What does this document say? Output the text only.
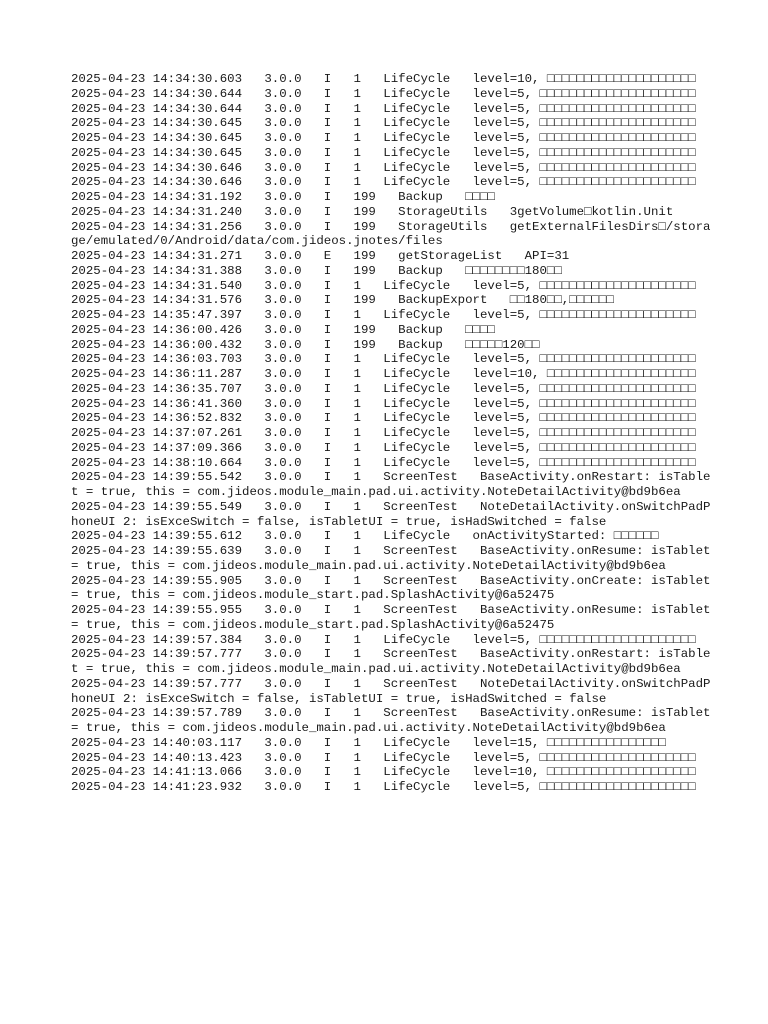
2025-04-23 14:34:30.603   3.0.0   I   1   LifeCycle   level=10, □□□□□□□□□□□□□□□□□□□□
2025-04-23 14:34:30.644   3.0.0   I   1   LifeCycle   level=5, □□□□□□□□□□□□□□□□□□□□□
2025-04-23 14:34:30.644   3.0.0   I   1   LifeCycle   level=5, □□□□□□□□□□□□□□□□□□□□□
2025-04-23 14:34:30.645   3.0.0   I   1   LifeCycle   level=5, □□□□□□□□□□□□□□□□□□□□□
2025-04-23 14:34:30.645   3.0.0   I   1   LifeCycle   level=5, □□□□□□□□□□□□□□□□□□□□□
2025-04-23 14:34:30.645   3.0.0   I   1   LifeCycle   level=5, □□□□□□□□□□□□□□□□□□□□□
2025-04-23 14:34:30.646   3.0.0   I   1   LifeCycle   level=5, □□□□□□□□□□□□□□□□□□□□□
2025-04-23 14:34:30.646   3.0.0   I   1   LifeCycle   level=5, □□□□□□□□□□□□□□□□□□□□□
2025-04-23 14:34:31.192   3.0.0   I   199   Backup   □□□□
2025-04-23 14:34:31.240   3.0.0   I   199   StorageUtils   3getVolume□kotlin.Unit
2025-04-23 14:34:31.256   3.0.0   I   199   StorageUtils   getExternalFilesDirs□/storage/emulated/0/Android/data/com.jideos.jnotes/files
2025-04-23 14:34:31.271   3.0.0   E   199   getStorageList   API=31
2025-04-23 14:34:31.388   3.0.0   I   199   Backup   □□□□□□□□180□□
2025-04-23 14:34:31.540   3.0.0   I   1   LifeCycle   level=5, □□□□□□□□□□□□□□□□□□□□□
2025-04-23 14:34:31.576   3.0.0   I   199   BackupExport   □□180□□,□□□□□□
2025-04-23 14:35:47.397   3.0.0   I   1   LifeCycle   level=5, □□□□□□□□□□□□□□□□□□□□□
2025-04-23 14:36:00.426   3.0.0   I   199   Backup   □□□□
2025-04-23 14:36:00.432   3.0.0   I   199   Backup   □□□□□120□□
2025-04-23 14:36:03.703   3.0.0   I   1   LifeCycle   level=5, □□□□□□□□□□□□□□□□□□□□□
2025-04-23 14:36:11.287   3.0.0   I   1   LifeCycle   level=10, □□□□□□□□□□□□□□□□□□□□
2025-04-23 14:36:35.707   3.0.0   I   1   LifeCycle   level=5, □□□□□□□□□□□□□□□□□□□□□
2025-04-23 14:36:41.360   3.0.0   I   1   LifeCycle   level=5, □□□□□□□□□□□□□□□□□□□□□
2025-04-23 14:36:52.832   3.0.0   I   1   LifeCycle   level=5, □□□□□□□□□□□□□□□□□□□□□
2025-04-23 14:37:07.261   3.0.0   I   1   LifeCycle   level=5, □□□□□□□□□□□□□□□□□□□□□
2025-04-23 14:37:09.366   3.0.0   I   1   LifeCycle   level=5, □□□□□□□□□□□□□□□□□□□□□
2025-04-23 14:38:10.664   3.0.0   I   1   LifeCycle   level=5, □□□□□□□□□□□□□□□□□□□□□
2025-04-23 14:39:55.542   3.0.0   I   1   ScreenTest   BaseActivity.onRestart: isTablet = true, this = com.jideos.module_main.pad.ui.activity.NoteDetailActivity@bd9b6ea
2025-04-23 14:39:55.549   3.0.0   I   1   ScreenTest   NoteDetailActivity.onSwitchPadPhoneUI 2: isExceSwitch = false, isTabletUI = true, isHadSwitched = false
2025-04-23 14:39:55.612   3.0.0   I   1   LifeCycle   onActivityStarted: □□□□□□
2025-04-23 14:39:55.639   3.0.0   I   1   ScreenTest   BaseActivity.onResume: isTablet = true, this = com.jideos.module_main.pad.ui.activity.NoteDetailActivity@bd9b6ea
2025-04-23 14:39:55.905   3.0.0   I   1   ScreenTest   BaseActivity.onCreate: isTablet = true, this = com.jideos.module_start.pad.SplashActivity@6a52475
2025-04-23 14:39:55.955   3.0.0   I   1   ScreenTest   BaseActivity.onResume: isTablet = true, this = com.jideos.module_start.pad.SplashActivity@6a52475
2025-04-23 14:39:57.384   3.0.0   I   1   LifeCycle   level=5, □□□□□□□□□□□□□□□□□□□□□
2025-04-23 14:39:57.777   3.0.0   I   1   ScreenTest   BaseActivity.onRestart: isTablet = true, this = com.jideos.module_main.pad.ui.activity.NoteDetailActivity@bd9b6ea
2025-04-23 14:39:57.777   3.0.0   I   1   ScreenTest   NoteDetailActivity.onSwitchPadPhoneUI 2: isExceSwitch = false, isTabletUI = true, isHadSwitched = false
2025-04-23 14:39:57.789   3.0.0   I   1   ScreenTest   BaseActivity.onResume: isTablet = true, this = com.jideos.module_main.pad.ui.activity.NoteDetailActivity@bd9b6ea
2025-04-23 14:40:03.117   3.0.0   I   1   LifeCycle   level=15, □□□□□□□□□□□□□□□□
2025-04-23 14:40:13.423   3.0.0   I   1   LifeCycle   level=5, □□□□□□□□□□□□□□□□□□□□□
2025-04-23 14:41:13.066   3.0.0   I   1   LifeCycle   level=10, □□□□□□□□□□□□□□□□□□□□
2025-04-23 14:41:23.932   3.0.0   I   1   LifeCycle   level=5, □□□□□□□□□□□□□□□□□□□□□
